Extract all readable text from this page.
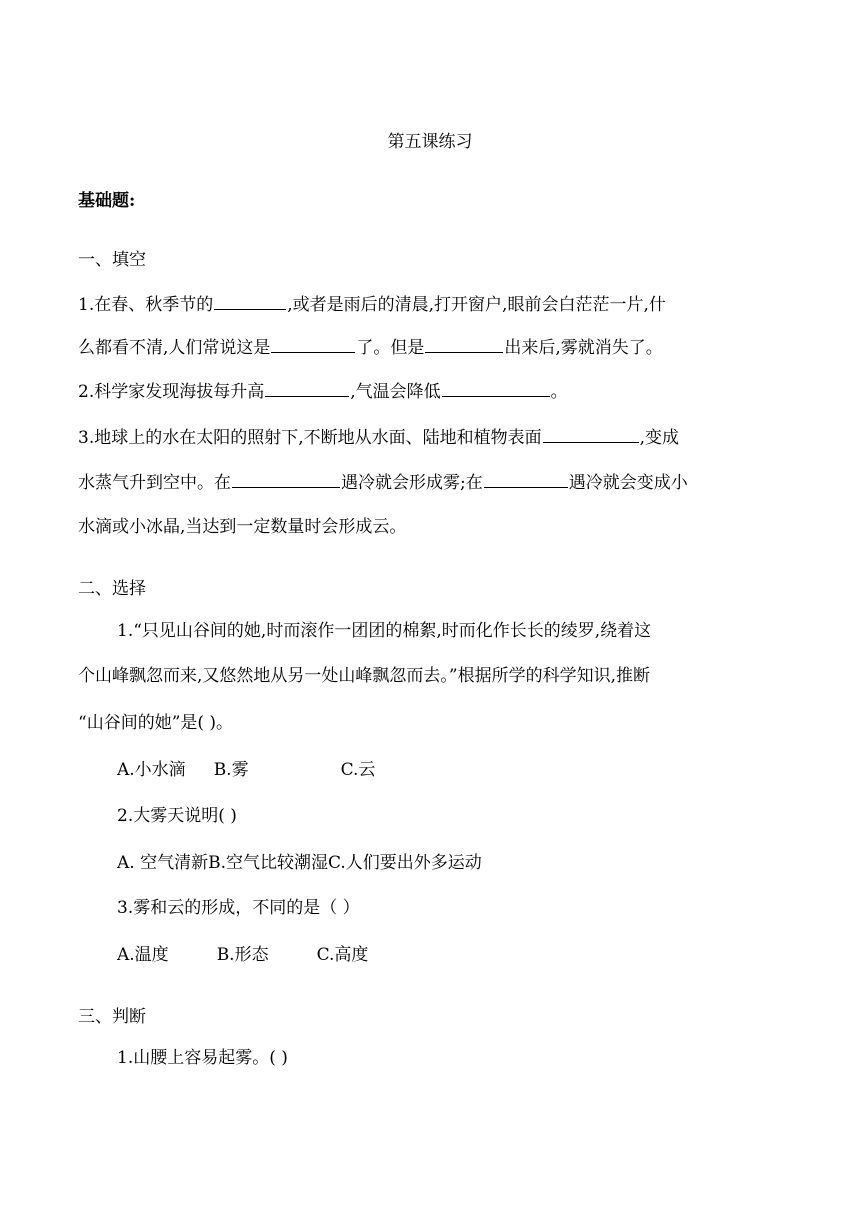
第五课练习
基础题:
一、填空
1.在春、秋季节的	,或者是雨后的清晨,打开窗户,眼前会白茫茫一片,什
么都看不清,人们常说这是	了。但是	出来后,雾就消失了。
2.科学家发现海拔每升高	,气温会降低	。
3.地球上的水在太阳的照射下,不断地从水面、陆地和植物表面	,变成
水蒸气升到空中。在	遇冷就会形成雾;在	遇冷就会变成小
水滴或小冰晶,当达到一定数量时会形成云。
二、选择
1.“只见山谷间的她,时而滚作一团团的棉絮,时而化作长长的绫罗,绕着这
个山峰飘忽而来,又悠然地从另一处山峰飘忽而去。”根据所学的科学知识,推断
“山谷间的她”是( )。
A.小水滴 B.雾	C.云
2.大雾天说明( )
A. 空气清新B.空气比较潮湿C.人们要出外多运动
3.雾和云的形成，不同的是（ ）
A.温度	B.形态	C.高度
三、判断
1.山腰上容易起雾。( )
